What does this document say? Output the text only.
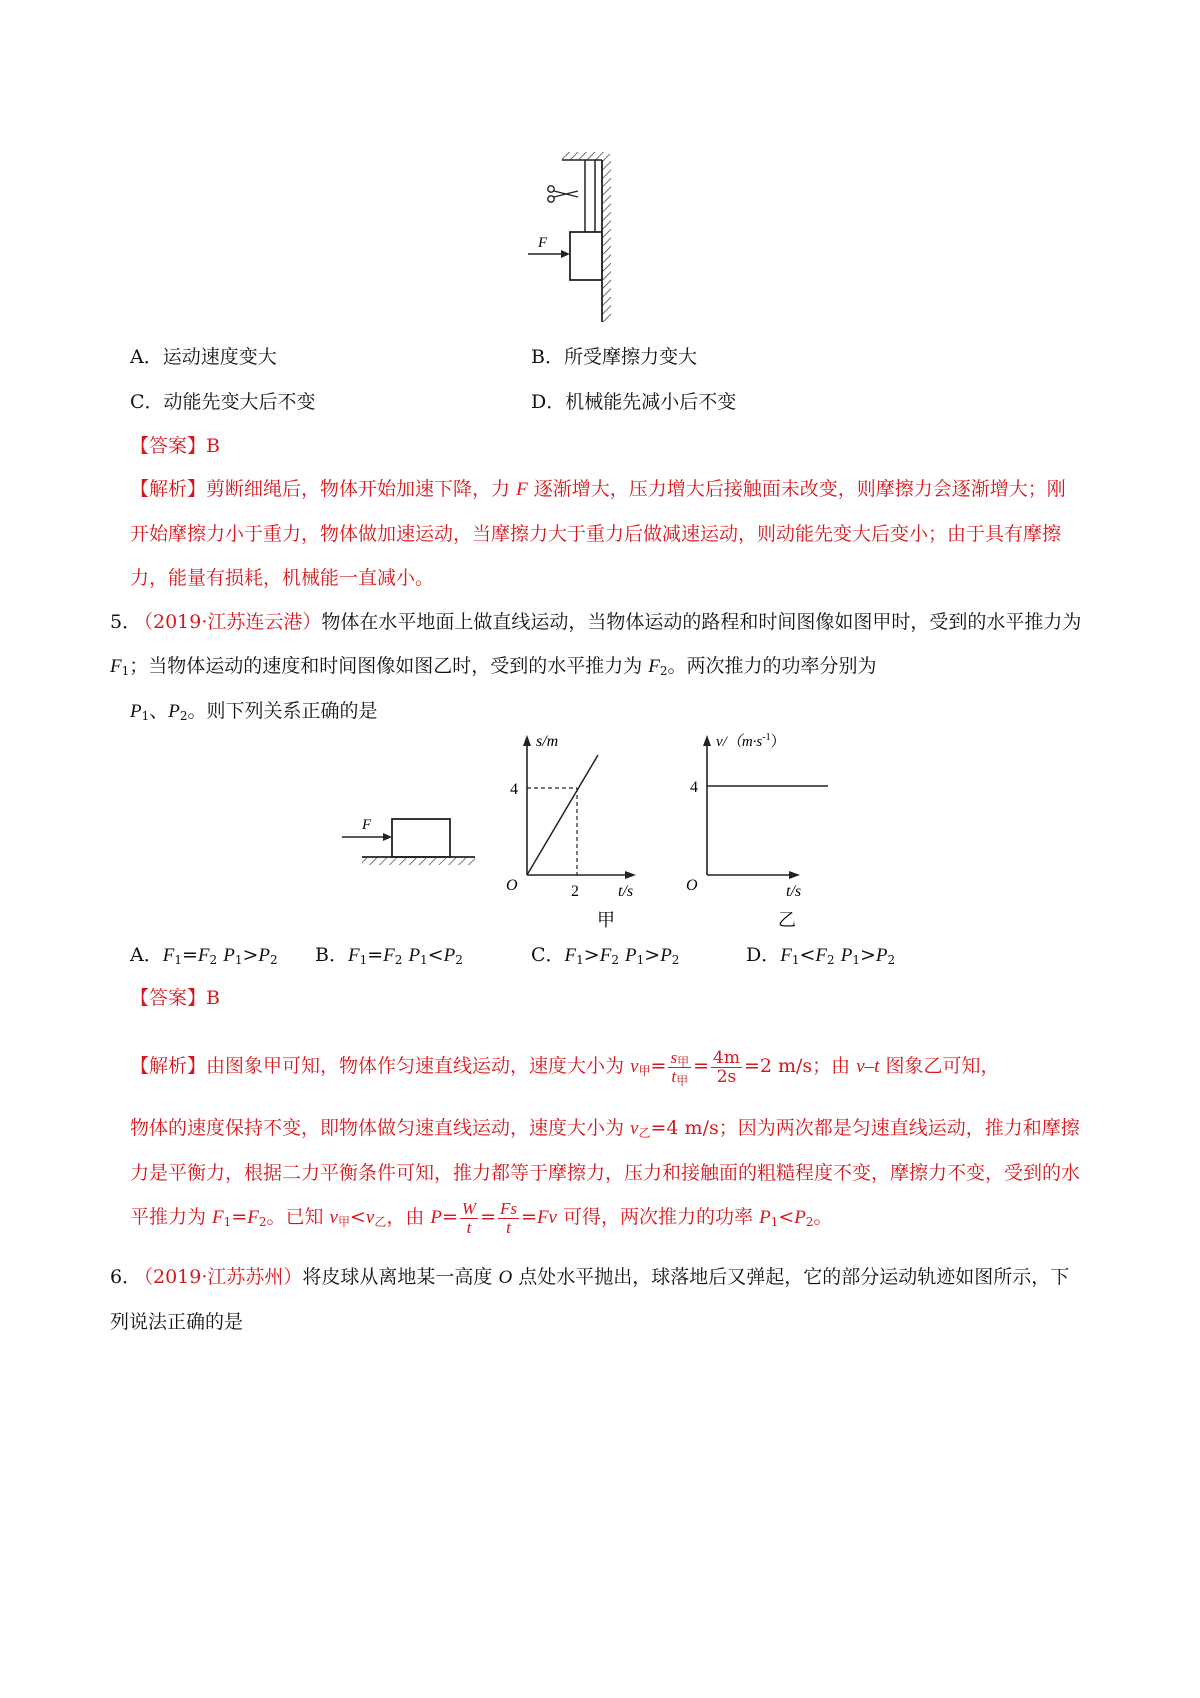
F
A．运动速度变大	B．所受摩擦力变大
C．动能先变大后不变	D．机械能先减小后不变
【答案】B
【解析】剪断细绳后，物体开始加速下降，力 F 逐渐增大，压力增大后接触面未改变，则摩擦力会逐渐增大；刚开始摩擦力小于重力，物体做加速运动，当摩擦力大于重力后做减速运动，则动能先变大后变小；由于具有摩擦力，能量有损耗，机械能一直减小。
5．（2019·江苏连云港）物体在水平地面上做直线运动，当物体运动的路程和时间图像如图甲时，受到的水平推力为 $F_1$；当物体运动的速度和时间图像如图乙时，受到的水平推力为 $F_2$。两次推力的功率分别为
$P_1$、$P_2$。则下列关系正确的是
F
s/m
4
O	2 t/s
甲
$v/(m\cdot s^{-1})$
4
O	t/s
乙
A．$F_1=F_2$ $P_1>P_2$ B．$F_1=F_2$ $P_1<P_2$	C．$F_1>F_2$ $P_1>P_2$	D．$F_1<F_2$ $P_1>P_2$
【答案】B
【解析】由图象甲可知，物体作匀速直线运动，速度大小为 $v_甲= \frac{s_甲}{t_甲} = \frac{4m}{2s} =2$ m/s；由 v–t 图象乙可知，
物体的速度保持不变，即物体做匀速直线运动，速度大小为 $v_乙=4$ m/s；因为两次都是匀速直线运动，推力和摩擦力是平衡力，根据二力平衡条件可知，推力都等于摩擦力，压力和接触面的粗糙程度不变，摩擦力不变，受到的水平推力为 $F_1=F_2$。已知 $v_甲<v_乙$，由 $P= \frac{W}{t} = \frac{Fs}{t} =Fv$ 可得，两次推力的功率 $P_1<P_2$。
6．（2019·江苏苏州）将皮球从离地某一高度 O 点处水平抛出，球落地后又弹起，它的部分运动轨迹如图所示，下列说法正确的是
